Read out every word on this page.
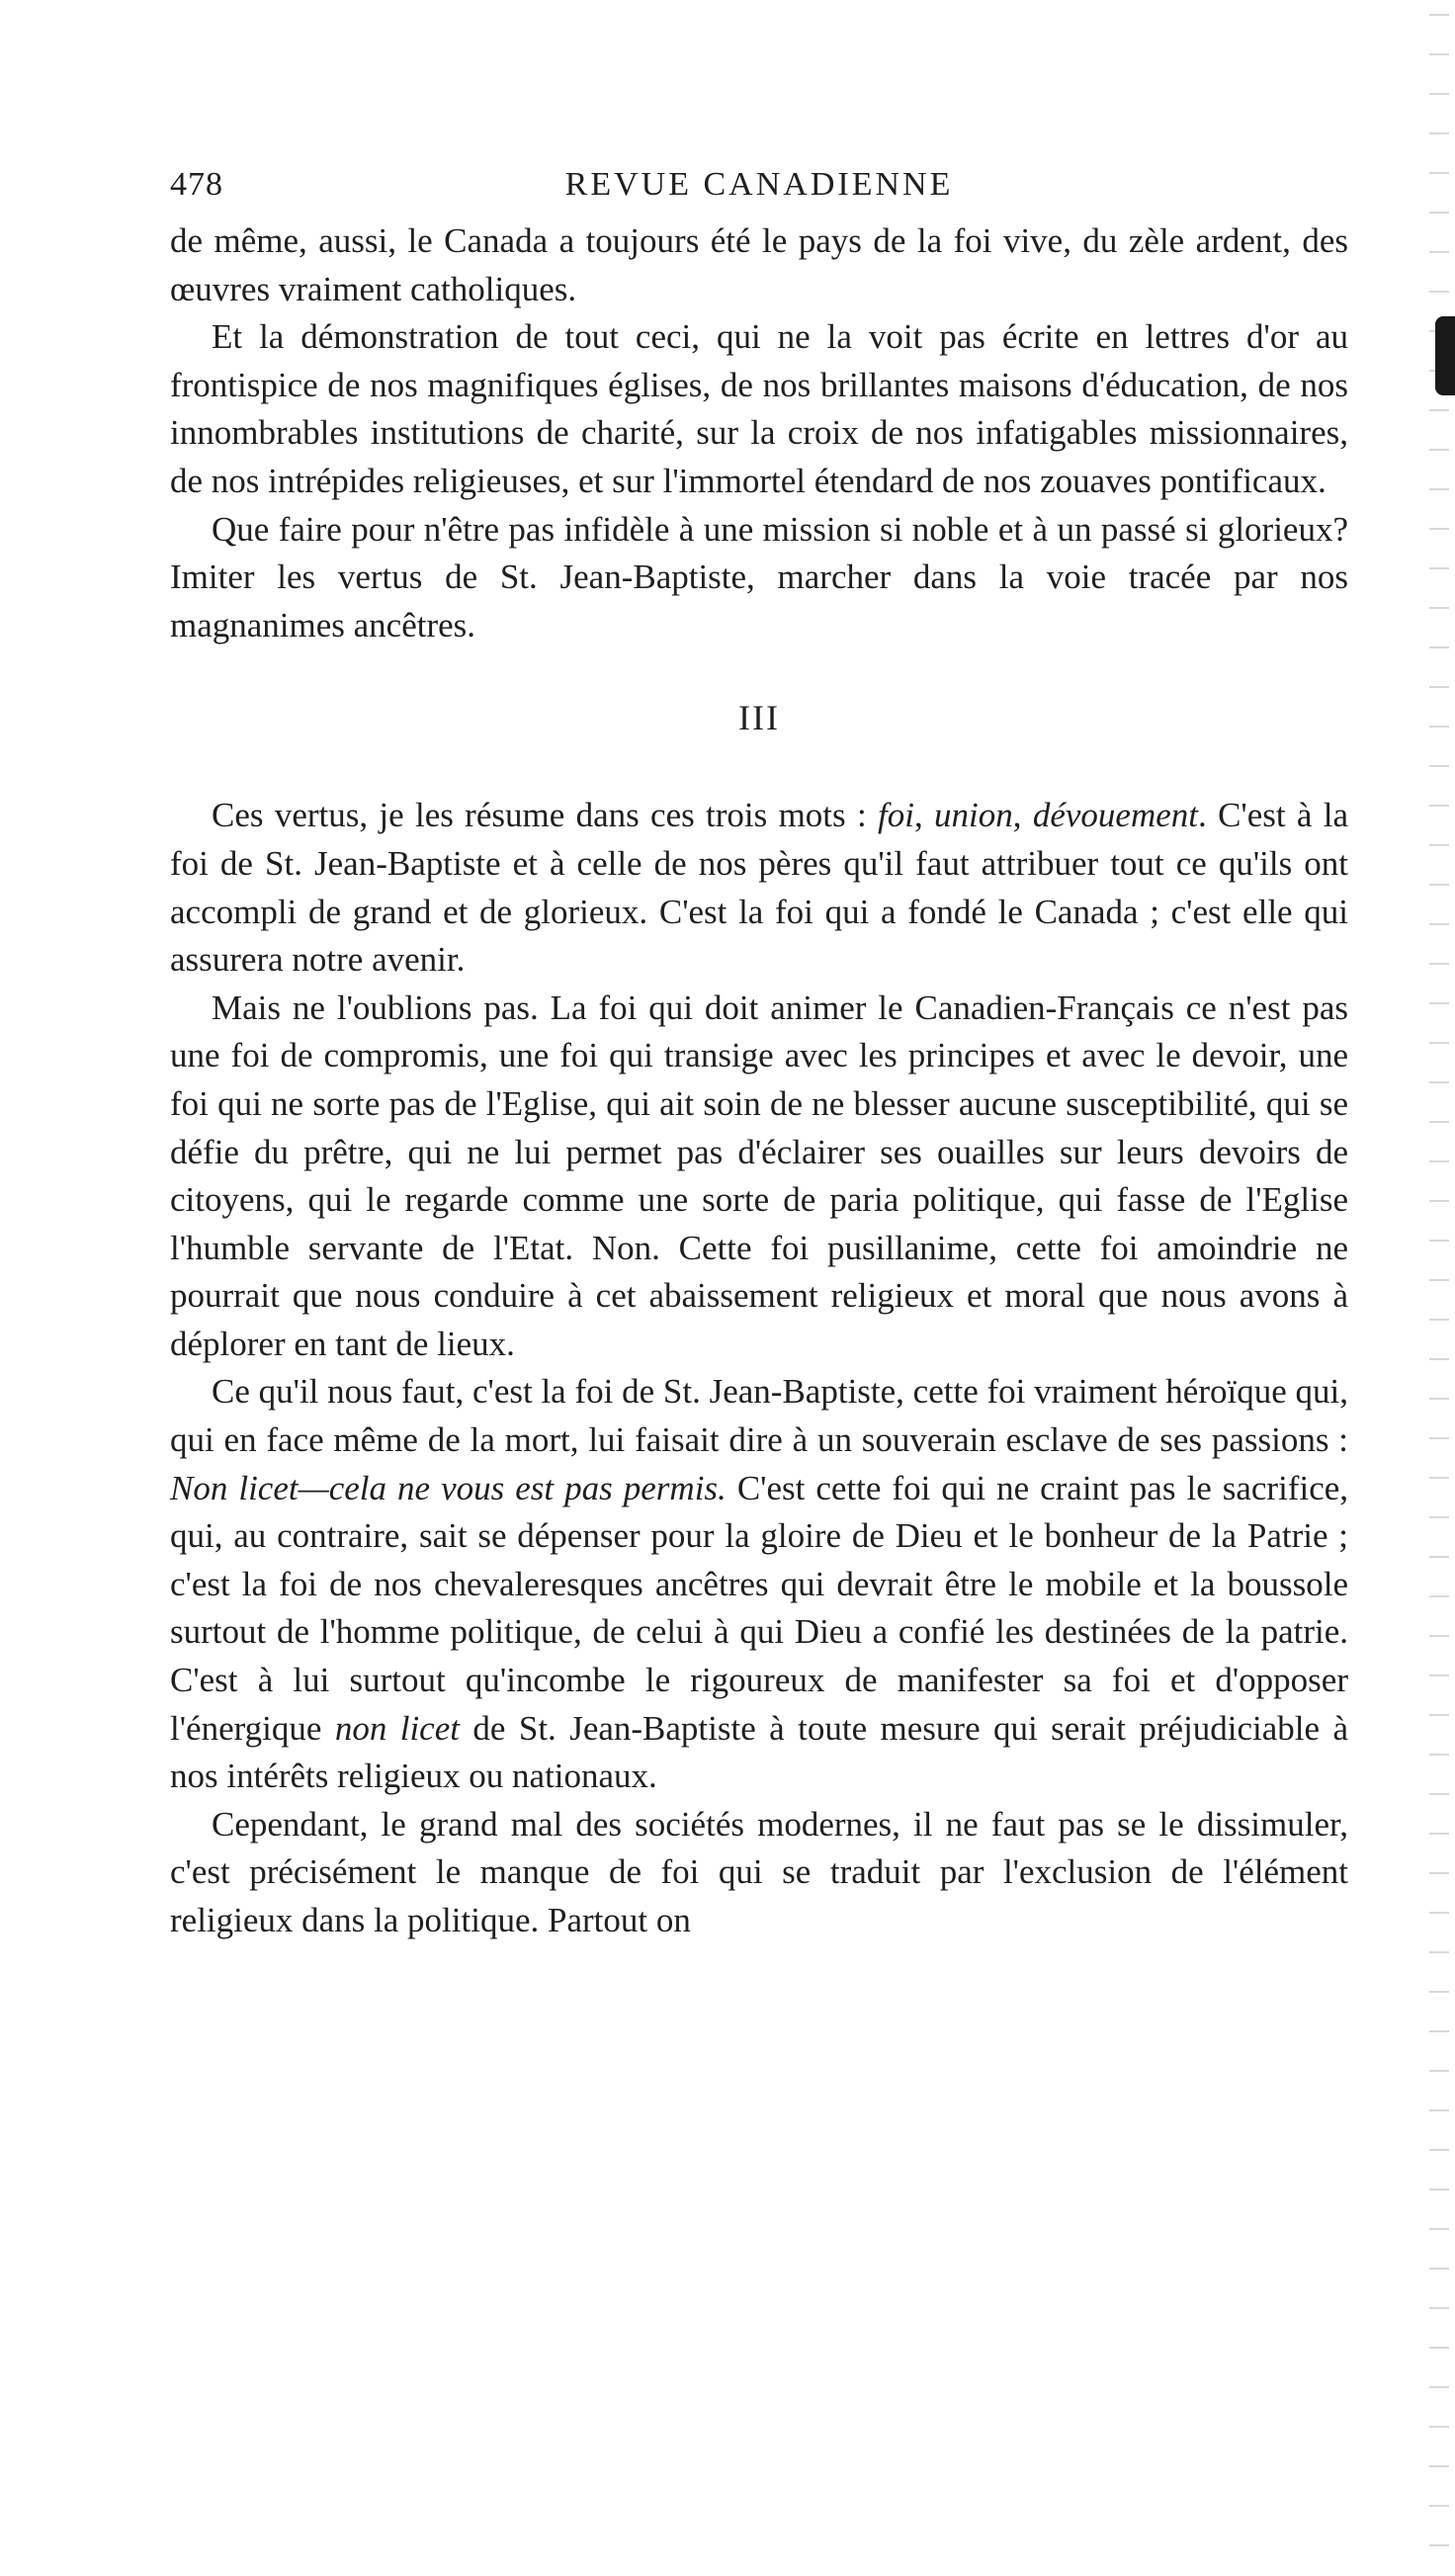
478	REVUE CANADIENNE

de même, aussi, le Canada a toujours été le pays de la foi vive, du zèle ardent, des œuvres vraiment catholiques.

Et la démonstration de tout ceci, qui ne la voit pas écrite en lettres d'or au frontispice de nos magnifiques églises, de nos brillantes maisons d'éducation, de nos innombrables institutions de charité, sur la croix de nos infatigables missionnaires, de nos intrépides religieuses, et sur l'immortel étendard de nos zouaves pontificaux.

Que faire pour n'être pas infidèle à une mission si noble et à un passé si glorieux? Imiter les vertus de St. Jean-Baptiste, marcher dans la voie tracée par nos magnanimes ancêtres.

III

Ces vertus, je les résume dans ces trois mots : foi, union, dévouement. C'est à la foi de St. Jean-Baptiste et à celle de nos pères qu'il faut attribuer tout ce qu'ils ont accompli de grand et de glorieux. C'est la foi qui a fondé le Canada ; c'est elle qui assurera notre avenir.

Mais ne l'oublions pas. La foi qui doit animer le Canadien-Français ce n'est pas une foi de compromis, une foi qui transige avec les principes et avec le devoir, une foi qui ne sorte pas de l'Eglise, qui ait soin de ne blesser aucune susceptibilité, qui se défie du prêtre, qui ne lui permet pas d'éclairer ses ouailles sur leurs devoirs de citoyens, qui le regarde comme une sorte de paria politique, qui fasse de l'Eglise l'humble servante de l'Etat. Non. Cette foi pusillanime, cette foi amoindrie ne pourrait que nous conduire à cet abaissement religieux et moral que nous avons à déplorer en tant de lieux.

Ce qu'il nous faut, c'est la foi de St. Jean-Baptiste, cette foi vraiment héroïque qui, qui en face même de la mort, lui faisait dire à un souverain esclave de ses passions : Non licet—cela ne vous est pas permis. C'est cette foi qui ne craint pas le sacrifice, qui, au contraire, sait se dépenser pour la gloire de Dieu et le bonheur de la Patrie ; c'est la foi de nos chevaleresques ancêtres qui devrait être le mobile et la boussole surtout de l'homme politique, de celui à qui Dieu a confié les destinées de la patrie. C'est à lui surtout qu'incombe le rigoureux de manifester sa foi et d'opposer l'énergique non licet de St. Jean-Baptiste à toute mesure qui serait préjudiciable à nos intérêts religieux ou nationaux.

Cependant, le grand mal des sociétés modernes, il ne faut pas se le dissimuler, c'est précisément le manque de foi qui se traduit par l'exclusion de l'élément religieux dans la politique. Partout on
